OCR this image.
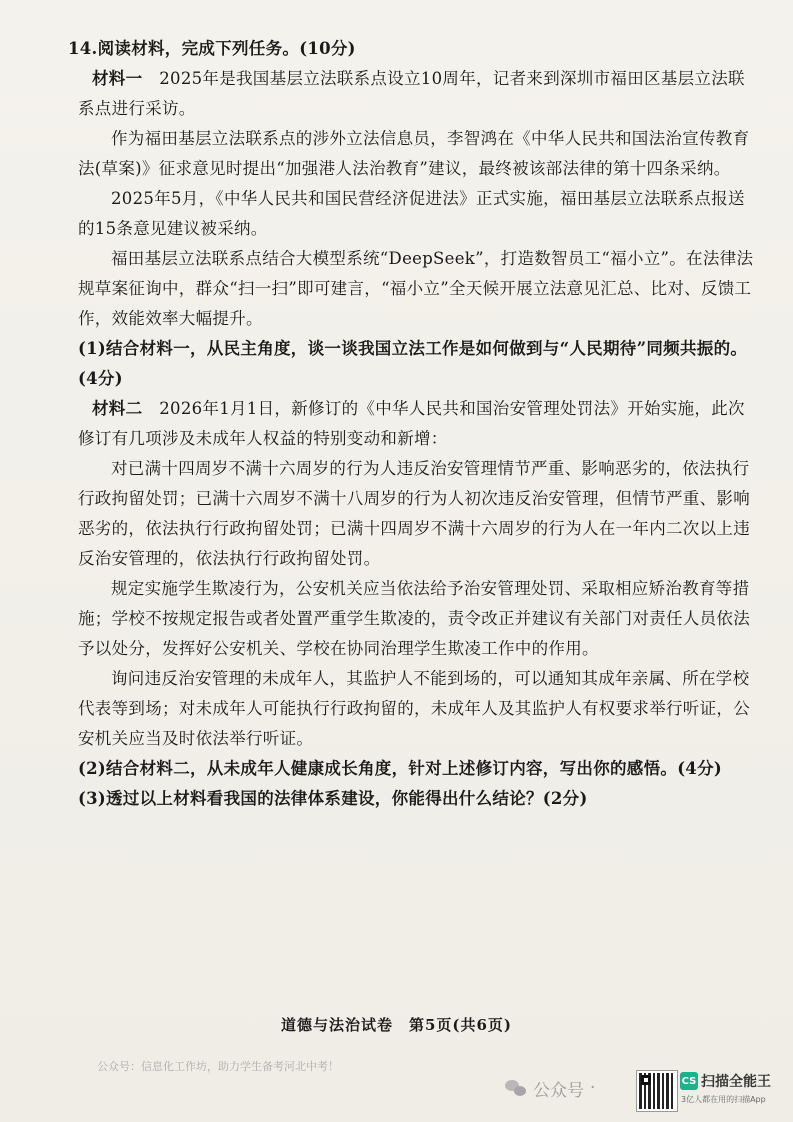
14.阅读材料，完成下列任务。(10分)

材料一　 2025年是我国基层立法联系点设立10周年，记者来到深圳市福田区基层立法联系点进行采访。

作为福田基层立法联系点的涉外立法信息员，李智鸿在《中华人民共和国法治宣传教育法(草案)》征求意见时提出“加强港人法治教育”建议，最终被该部法律的第十四条采纳。

2025年5月，《中华人民共和国民营经济促进法》正式实施，福田基层立法联系点报送的15条意见建议被采纳。

福田基层立法联系点结合大模型系统“DeepSeek”，打造数智员工“福小立”。在法律法规草案征询中，群众“扫一扫”即可建言，“福小立”全天候开展立法意见汇总、比对、反馈工作，效能效率大幅提升。

(1)结合材料一，从民主角度，谈一谈我国立法工作是如何做到与“人民期待”同频共振的。(4分)

材料二　 2026年1月1日，新修订的《中华人民共和国治安管理处罚法》开始实施，此次修订有几项涉及未成年人权益的特别变动和新增：

对已满十四周岁不满十六周岁的行为人违反治安管理情节严重、影响恶劣的，依法执行行政拘留处罚；已满十六周岁不满十八周岁的行为人初次违反治安管理，但情节严重、影响恶劣的，依法执行行政拘留处罚；已满十四周岁不满十六周岁的行为人在一年内二次以上违反治安管理的，依法执行行政拘留处罚。

规定实施学生欺凌行为，公安机关应当依法给予治安管理处罚、采取相应矫治教育等措施；学校不按规定报告或者处置严重学生欺凌的，责令改正并建议有关部门对责任人员依法予以处分，发挥好公安机关、学校在协同治理学生欺凌工作中的作用。

询问违反治安管理的未成年人，其监护人不能到场的，可以通知其成年亲属、所在学校代表等到场；对未成年人可能执行行政拘留的，未成年人及其监护人有权要求举行听证，公安机关应当及时依法举行听证。

(2)结合材料二，从未成年人健康成长角度，针对上述修订内容，写出你的感悟。(4分)

(3)透过以上材料看我国的法律体系建设，你能得出什么结论？(2分)

道德与法治试卷　第5页(共6页)
公众号：信息化工作坊，助力学生备考河北中考！
公众号 ·	CS 扫描全能王
3亿人都在用的扫描App
